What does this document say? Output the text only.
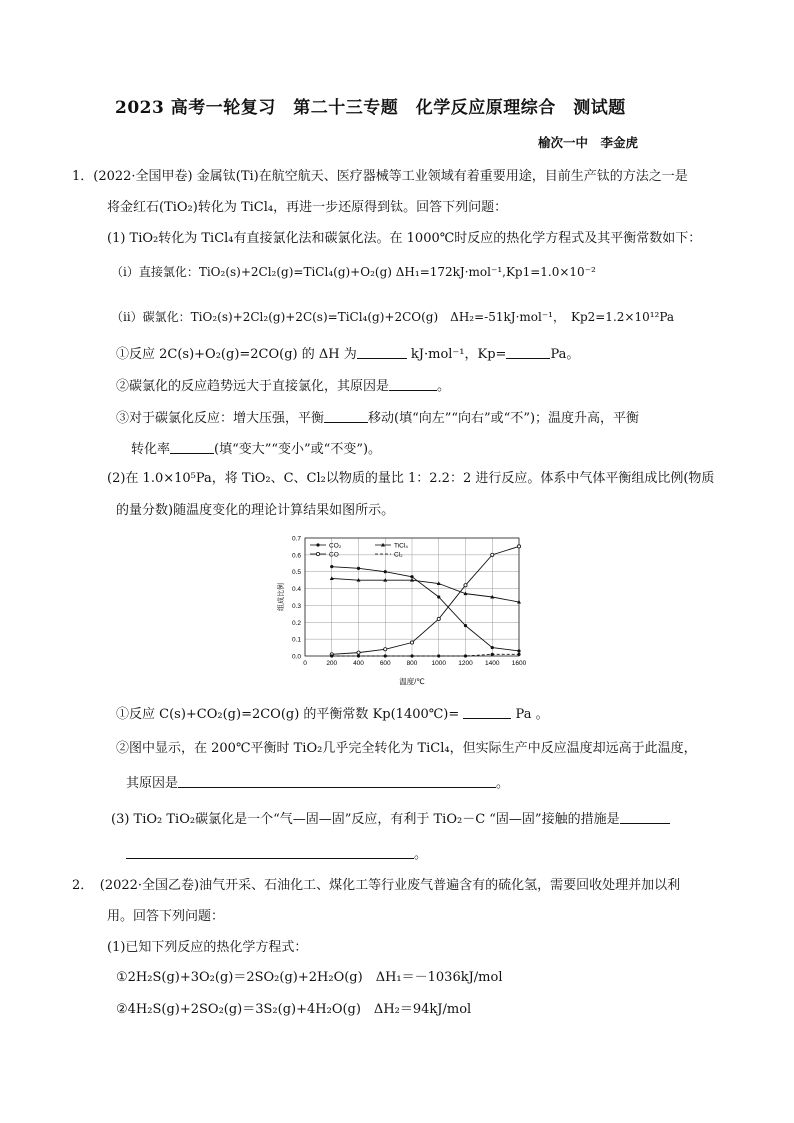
2023 高考一轮复习　第二十三专题　化学反应原理综合　测试题
榆次一中　李金虎
1．(2022·全国甲卷) 金属钛(Ti)在航空航天、医疗器械等工业领域有着重要用途，目前生产钛的方法之一是
将金红石(TiO₂)转化为 TiCl₄，再进一步还原得到钛。回答下列问题：
(1) TiO₂转化为 TiCl₄有直接氯化法和碳氯化法。在 1000℃时反应的热化学方程式及其平衡常数如下：
（ⅰ）直接氯化：TiO₂(s)+2Cl₂(g)=TiCl₄(g)+O₂(g) ΔH₁=172kJ·mol⁻¹,Kp1=1.0×10⁻²
（ⅱ）碳氯化：TiO₂(s)+2Cl₂(g)+2C(s)=TiCl₄(g)+2CO(g)　ΔH₂=-51kJ·mol⁻¹，　Kp2=1.2×10¹²Pa
①反应 2C(s)+O₂(g)=2CO(g) 的 ΔH 为	kJ·mol⁻¹，Kp=	Pa。
②碳氯化的反应趋势远大于直接氯化，其原因是	。
③对于碳氯化反应：增大压强，平衡	移动(填“向左”“向右”或“不”)；温度升高，平衡
转化率	(填“变大”“变小”或“不变”)。
(2)在 1.0×10⁵Pa，将 TiO₂、C、Cl₂以物质的量比 1：2.2：2 进行反应。体系中气体平衡组成比例(物质
的量分数)随温度变化的理论计算结果如图所示。
0.0
0.1
0.2
0.3
0.4
0.5
0.6
0.7
0	200 400 600 800 1000 1200 1400 1600
CO₂	TiCl₄
CO	Cl₂
组成比例
温度/℃
①反应 C(s)+CO₂(g)=2CO(g) 的平衡常数 Kp(1400℃)=	Pa 。
②图中显示，在 200℃平衡时 TiO₂几乎完全转化为 TiCl₄，但实际生产中反应温度却远高于此温度，
其原因是	。
(3) TiO₂ TiO₂碳氯化是一个“气—固—固”反应，有利于 TiO₂－C “固—固”接触的措施是
。
2．　(2022·全国乙卷)油气开采、石油化工、煤化工等行业废气普遍含有的硫化氢，需要回收处理并加以利
用。回答下列问题：
(1)已知下列反应的热化学方程式：
①2H₂S(g)+3O₂(g)＝2SO₂(g)+2H₂O(g)　ΔH₁＝－1036kJ/mol
②4H₂S(g)+2SO₂(g)＝3S₂(g)+4H₂O(g)　ΔH₂＝94kJ/mol
